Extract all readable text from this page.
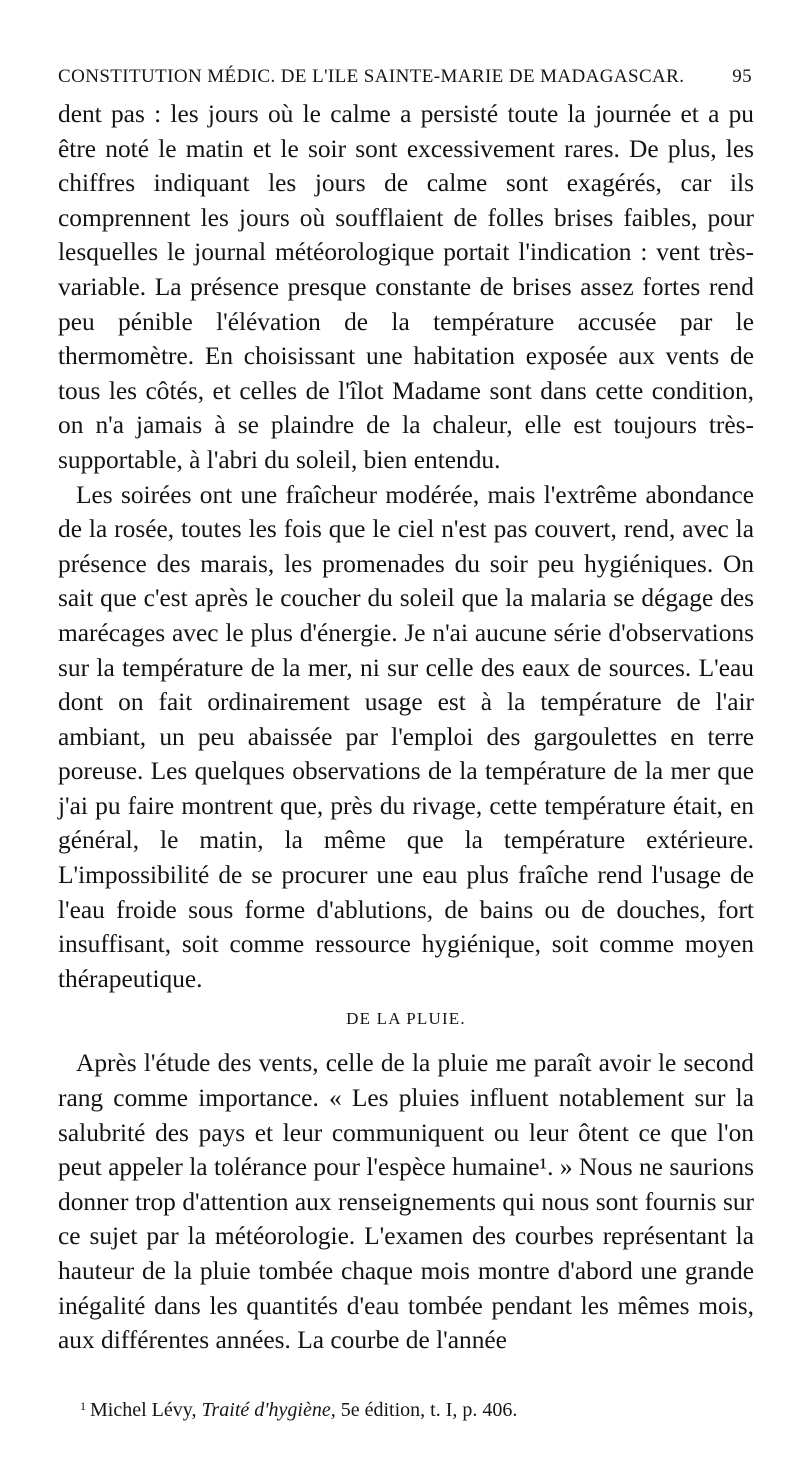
CONSTITUTION MÉDIC. DE L'ILE SAINTE-MARIE DE MADAGASCAR.	95

dent pas : les jours où le calme a persisté toute la journée et a pu être noté le matin et le soir sont excessivement rares. De plus, les chiffres indiquant les jours de calme sont exagérés, car ils comprennent les jours où soufflaient de folles brises faibles, pour lesquelles le journal météorologique portait l'indication : vent très-variable. La présence presque constante de brises assez fortes rend peu pénible l'élévation de la température accusée par le thermomètre. En choisissant une habitation exposée aux vents de tous les côtés, et celles de l'îlot Madame sont dans cette condition, on n'a jamais à se plaindre de la chaleur, elle est toujours très-supportable, à l'abri du soleil, bien entendu.

Les soirées ont une fraîcheur modérée, mais l'extrême abondance de la rosée, toutes les fois que le ciel n'est pas couvert, rend, avec la présence des marais, les promenades du soir peu hygiéniques. On sait que c'est après le coucher du soleil que la malaria se dégage des marécages avec le plus d'énergie. Je n'ai aucune série d'observations sur la température de la mer, ni sur celle des eaux de sources. L'eau dont on fait ordinairement usage est à la température de l'air ambiant, un peu abaissée par l'emploi des gargoulettes en terre poreuse. Les quelques observations de la température de la mer que j'ai pu faire montrent que, près du rivage, cette température était, en général, le matin, la même que la température extérieure. L'impossibilité de se procurer une eau plus fraîche rend l'usage de l'eau froide sous forme d'ablutions, de bains ou de douches, fort insuffisant, soit comme ressource hygiénique, soit comme moyen thérapeutique.

DE LA PLUIE.

Après l'étude des vents, celle de la pluie me paraît avoir le second rang comme importance. « Les pluies influent notablement sur la salubrité des pays et leur communiquent ou leur ôtent ce que l'on peut appeler la tolérance pour l'espèce humaine¹. » Nous ne saurions donner trop d'attention aux renseignements qui nous sont fournis sur ce sujet par la météorologie. L'examen des courbes représentant la hauteur de la pluie tombée chaque mois montre d'abord une grande inégalité dans les quantités d'eau tombée pendant les mêmes mois, aux différentes années. La courbe de l'année

$^1$ Michel Lévy, Traité d'hygiène, 5e édition, t. I, p. 406.
